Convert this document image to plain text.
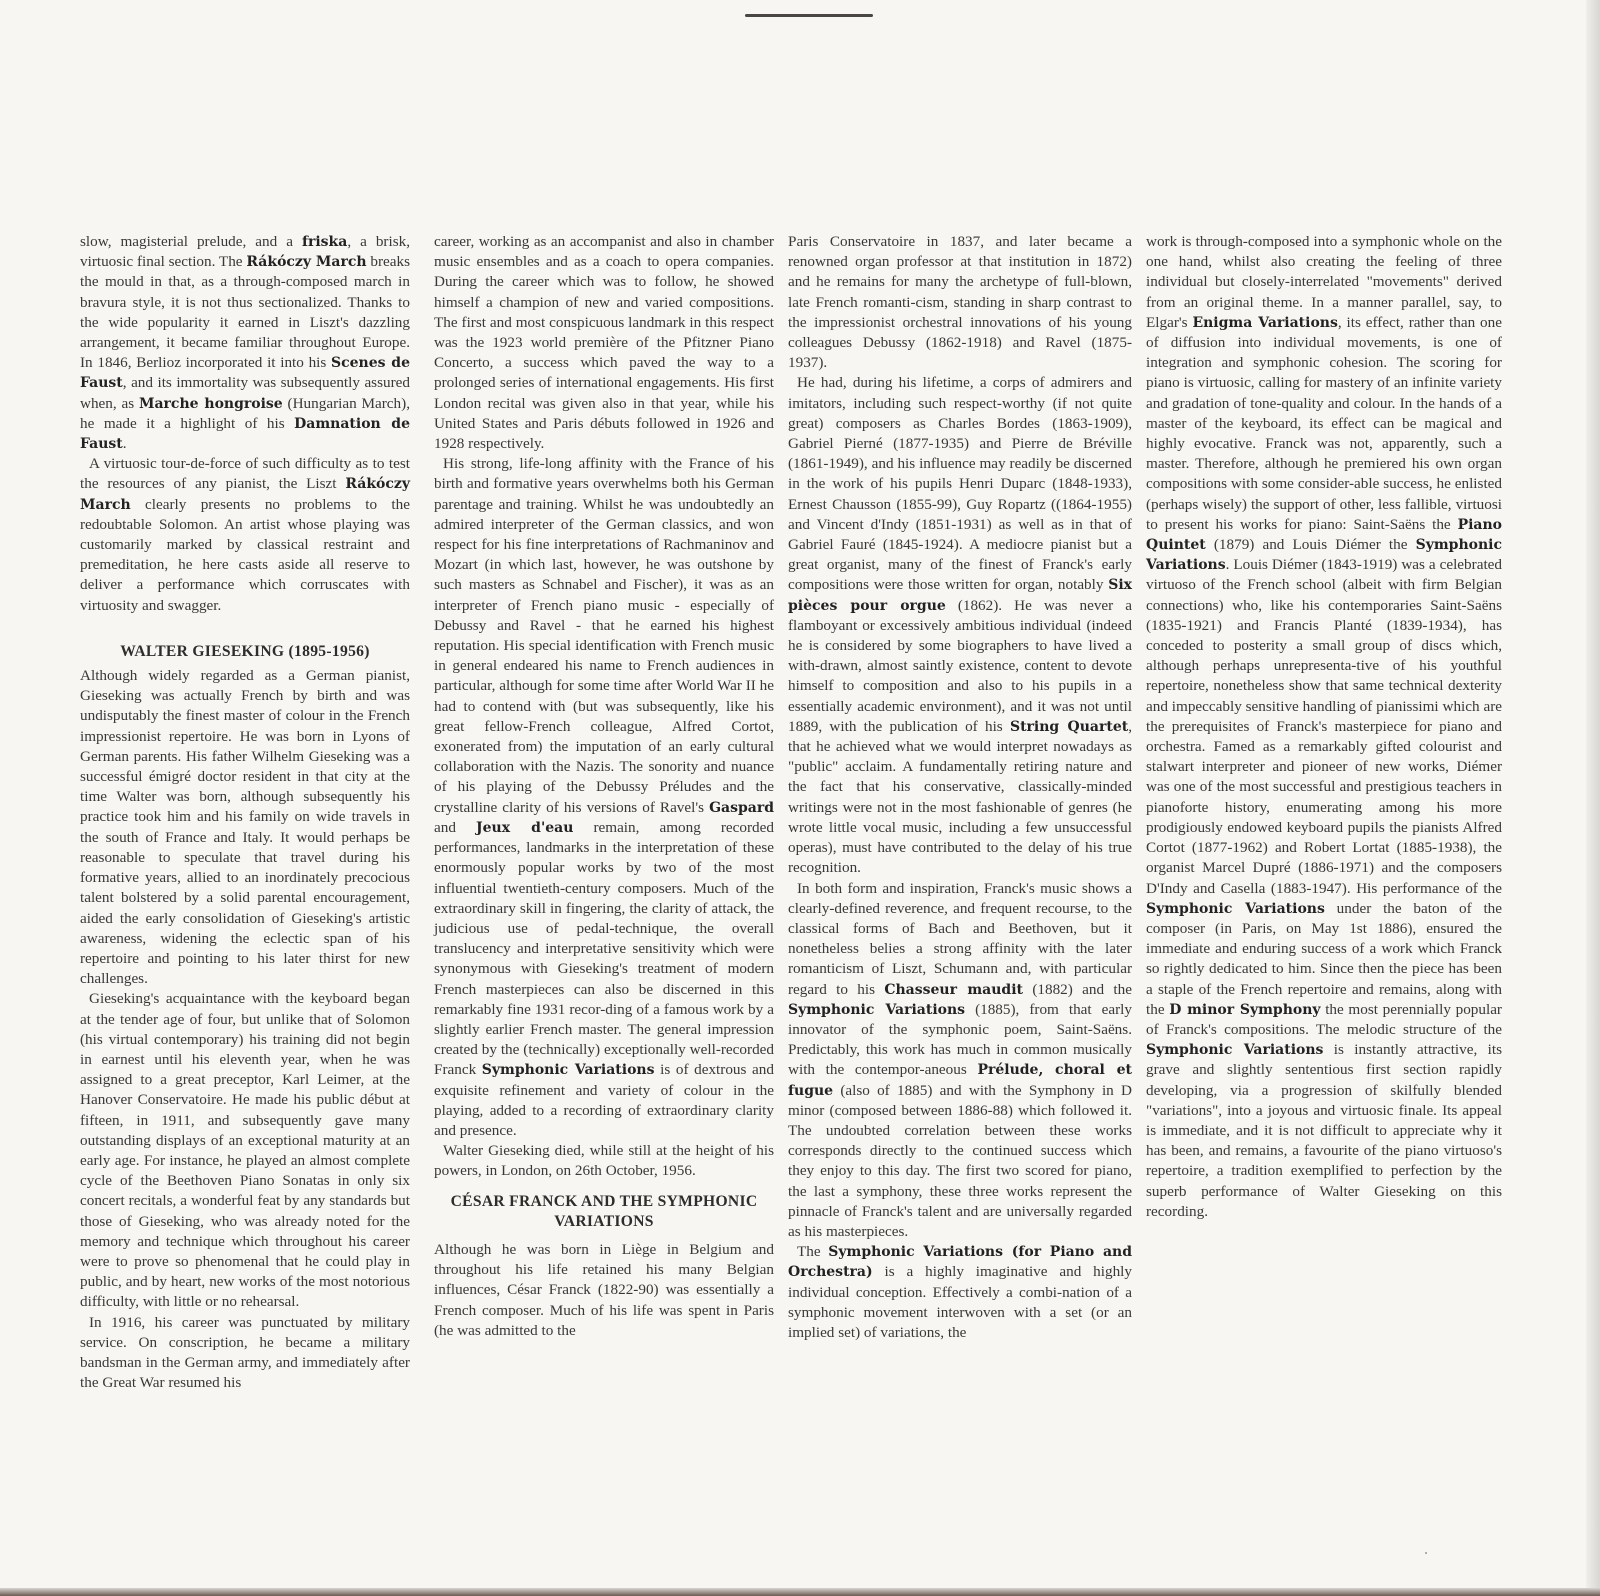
slow, magisterial prelude, and a friska, a brisk, virtuosic final section. The Rákóczy March breaks the mould in that, as a through-composed march in bravura style, it is not thus sectionalized. Thanks to the wide popularity it earned in Liszt's dazzling arrangement, it became familiar throughout Europe. In 1846, Berlioz incorporated it into his Scenes de Faust, and its immortality was subsequently assured when, as Marche hongroise (Hungarian March), he made it a highlight of his Damnation de Faust.

A virtuosic tour-de-force of such difficulty as to test the resources of any pianist, the Liszt Rákóczy March clearly presents no problems to the redoubtable Solomon. An artist whose playing was customarily marked by classical restraint and premeditation, he here casts aside all reserve to deliver a performance which corruscates with virtuosity and swagger.

WALTER GIESEKING (1895-1956)

Although widely regarded as a German pianist, Gieseking was actually French by birth and was undisputably the finest master of colour in the French impressionist repertoire. He was born in Lyons of German parents. His father Wilhelm Gieseking was a successful émigré doctor resident in that city at the time Walter was born, although subsequently his practice took him and his family on wide travels in the south of France and Italy. It would perhaps be reasonable to speculate that travel during his formative years, allied to an inordinately precocious talent bolstered by a solid parental encouragement, aided the early consolidation of Gieseking's artistic awareness, widening the eclectic span of his repertoire and pointing to his later thirst for new challenges.

Gieseking's acquaintance with the keyboard began at the tender age of four, but unlike that of Solomon (his virtual contemporary) his training did not begin in earnest until his eleventh year, when he was assigned to a great preceptor, Karl Leimer, at the Hanover Conservatoire. He made his public début at fifteen, in 1911, and subsequently gave many outstanding displays of an exceptional maturity at an early age. For instance, he played an almost complete cycle of the Beethoven Piano Sonatas in only six concert recitals, a wonderful feat by any standards but those of Gieseking, who was already noted for the memory and technique which throughout his career were to prove so phenomenal that he could play in public, and by heart, new works of the most notorious difficulty, with little or no rehearsal.

In 1916, his career was punctuated by military service. On conscription, he became a military bandsman in the German army, and immediately after the Great War resumed his

career, working as an accompanist and also in chamber music ensembles and as a coach to opera companies. During the career which was to follow, he showed himself a champion of new and varied compositions. The first and most conspicuous landmark in this respect was the 1923 world première of the Pfitzner Piano Concerto, a success which paved the way to a prolonged series of international engagements. His first London recital was given also in that year, while his United States and Paris débuts followed in 1926 and 1928 respectively.

His strong, life-long affinity with the France of his birth and formative years overwhelms both his German parentage and training. Whilst he was undoubtedly an admired interpreter of the German classics, and won respect for his fine interpretations of Rachmaninov and Mozart (in which last, however, he was outshone by such masters as Schnabel and Fischer), it was as an interpreter of French piano music - especially of Debussy and Ravel - that he earned his highest reputation. His special identification with French music in general endeared his name to French audiences in particular, although for some time after World War II he had to contend with (but was subsequently, like his great fellow-French colleague, Alfred Cortot, exonerated from) the imputation of an early cultural collaboration with the Nazis. The sonority and nuance of his playing of the Debussy Préludes and the crystalline clarity of his versions of Ravel's Gaspard and Jeux d'eau remain, among recorded performances, landmarks in the interpretation of these enormously popular works by two of the most influential twentieth-century composers. Much of the extraordinary skill in fingering, the clarity of attack, the judicious use of pedal-technique, the overall translucency and interpretative sensitivity which were synonymous with Gieseking's treatment of modern French masterpieces can also be discerned in this remarkably fine 1931 recor-ding of a famous work by a slightly earlier French master. The general impression created by the (technically) exceptionally well-recorded Franck Symphonic Variations is of dextrous and exquisite refinement and variety of colour in the playing, added to a recording of extraordinary clarity and presence.

Walter Gieseking died, while still at the height of his powers, in London, on 26th October, 1956.

CÉSAR FRANCK AND THE SYMPHONIC VARIATIONS

Although he was born in Liège in Belgium and throughout his life retained his many Belgian influences, César Franck (1822-90) was essentially a French composer. Much of his life was spent in Paris (he was admitted to the

Paris Conservatoire in 1837, and later became a renowned organ professor at that institution in 1872) and he remains for many the archetype of full-blown, late French romanti-cism, standing in sharp contrast to the impressionist orchestral innovations of his young colleagues Debussy (1862-1918) and Ravel (1875-1937).

He had, during his lifetime, a corps of admirers and imitators, including such respect-worthy (if not quite great) composers as Charles Bordes (1863-1909), Gabriel Pierné (1877-1935) and Pierre de Bréville (1861-1949), and his influence may readily be discerned in the work of his pupils Henri Duparc (1848-1933), Ernest Chausson (1855-99), Guy Ropartz ((1864-1955) and Vincent d'Indy (1851-1931) as well as in that of Gabriel Fauré (1845-1924). A mediocre pianist but a great organist, many of the finest of Franck's early compositions were those written for organ, notably Six pièces pour orgue (1862). He was never a flamboyant or excessively ambitious individual (indeed he is considered by some biographers to have lived a with-drawn, almost saintly existence, content to devote himself to composition and also to his pupils in a essentially academic environment), and it was not until 1889, with the publication of his String Quartet, that he achieved what we would interpret nowadays as "public" acclaim. A fundamentally retiring nature and the fact that his conservative, classically-minded writings were not in the most fashionable of genres (he wrote little vocal music, including a few unsuccessful operas), must have contributed to the delay of his true recognition.

In both form and inspiration, Franck's music shows a clearly-defined reverence, and frequent recourse, to the classical forms of Bach and Beethoven, but it nonetheless belies a strong affinity with the later romanticism of Liszt, Schumann and, with particular regard to his Chasseur maudit (1882) and the Symphonic Variations (1885), from that early innovator of the symphonic poem, Saint-Saëns. Predictably, this work has much in common musically with the contempor-aneous Prélude, choral et fugue (also of 1885) and with the Symphony in D minor (composed between 1886-88) which followed it. The undoubted correlation between these works corresponds directly to the continued success which they enjoy to this day. The first two scored for piano, the last a symphony, these three works represent the pinnacle of Franck's talent and are universally regarded as his masterpieces.

The Symphonic Variations (for Piano and Orchestra) is a highly imaginative and highly individual conception. Effectively a combi-nation of a symphonic movement interwoven with a set (or an implied set) of variations, the

work is through-composed into a symphonic whole on the one hand, whilst also creating the feeling of three individual but closely-interrelated "movements" derived from an original theme. In a manner parallel, say, to Elgar's Enigma Variations, its effect, rather than one of diffusion into individual movements, is one of integration and symphonic cohesion. The scoring for piano is virtuosic, calling for mastery of an infinite variety and gradation of tone-quality and colour. In the hands of a master of the keyboard, its effect can be magical and highly evocative. Franck was not, apparently, such a master. Therefore, although he premiered his own organ compositions with some consider-able success, he enlisted (perhaps wisely) the support of other, less fallible, virtuosi to present his works for piano: Saint-Saëns the Piano Quintet (1879) and Louis Diémer the Symphonic Variations. Louis Diémer (1843-1919) was a celebrated virtuoso of the French school (albeit with firm Belgian connections) who, like his contemporaries Saint-Saëns (1835-1921) and Francis Planté (1839-1934), has conceded to posterity a small group of discs which, although perhaps unrepresenta-tive of his youthful repertoire, nonetheless show that same technical dexterity and impeccably sensitive handling of pianissimi which are the prerequisites of Franck's masterpiece for piano and orchestra. Famed as a remarkably gifted colourist and stalwart interpreter and pioneer of new works, Diémer was one of the most successful and prestigious teachers in pianoforte history, enumerating among his more prodigiously endowed keyboard pupils the pianists Alfred Cortot (1877-1962) and Robert Lortat (1885-1938), the organist Marcel Dupré (1886-1971) and the composers D'Indy and Casella (1883-1947). His performance of the Symphonic Variations under the baton of the composer (in Paris, on May 1st 1886), ensured the immediate and enduring success of a work which Franck so rightly dedicated to him. Since then the piece has been a staple of the French repertoire and remains, along with the D minor Symphony the most perennially popular of Franck's compositions. The melodic structure of the Symphonic Variations is instantly attractive, its grave and slightly sententious first section rapidly developing, via a progression of skilfully blended "variations", into a joyous and virtuosic finale. Its appeal is immediate, and it is not difficult to appreciate why it has been, and remains, a favourite of the piano virtuoso's repertoire, a tradition exemplified to perfection by the superb performance of Walter Gieseking on this recording.
